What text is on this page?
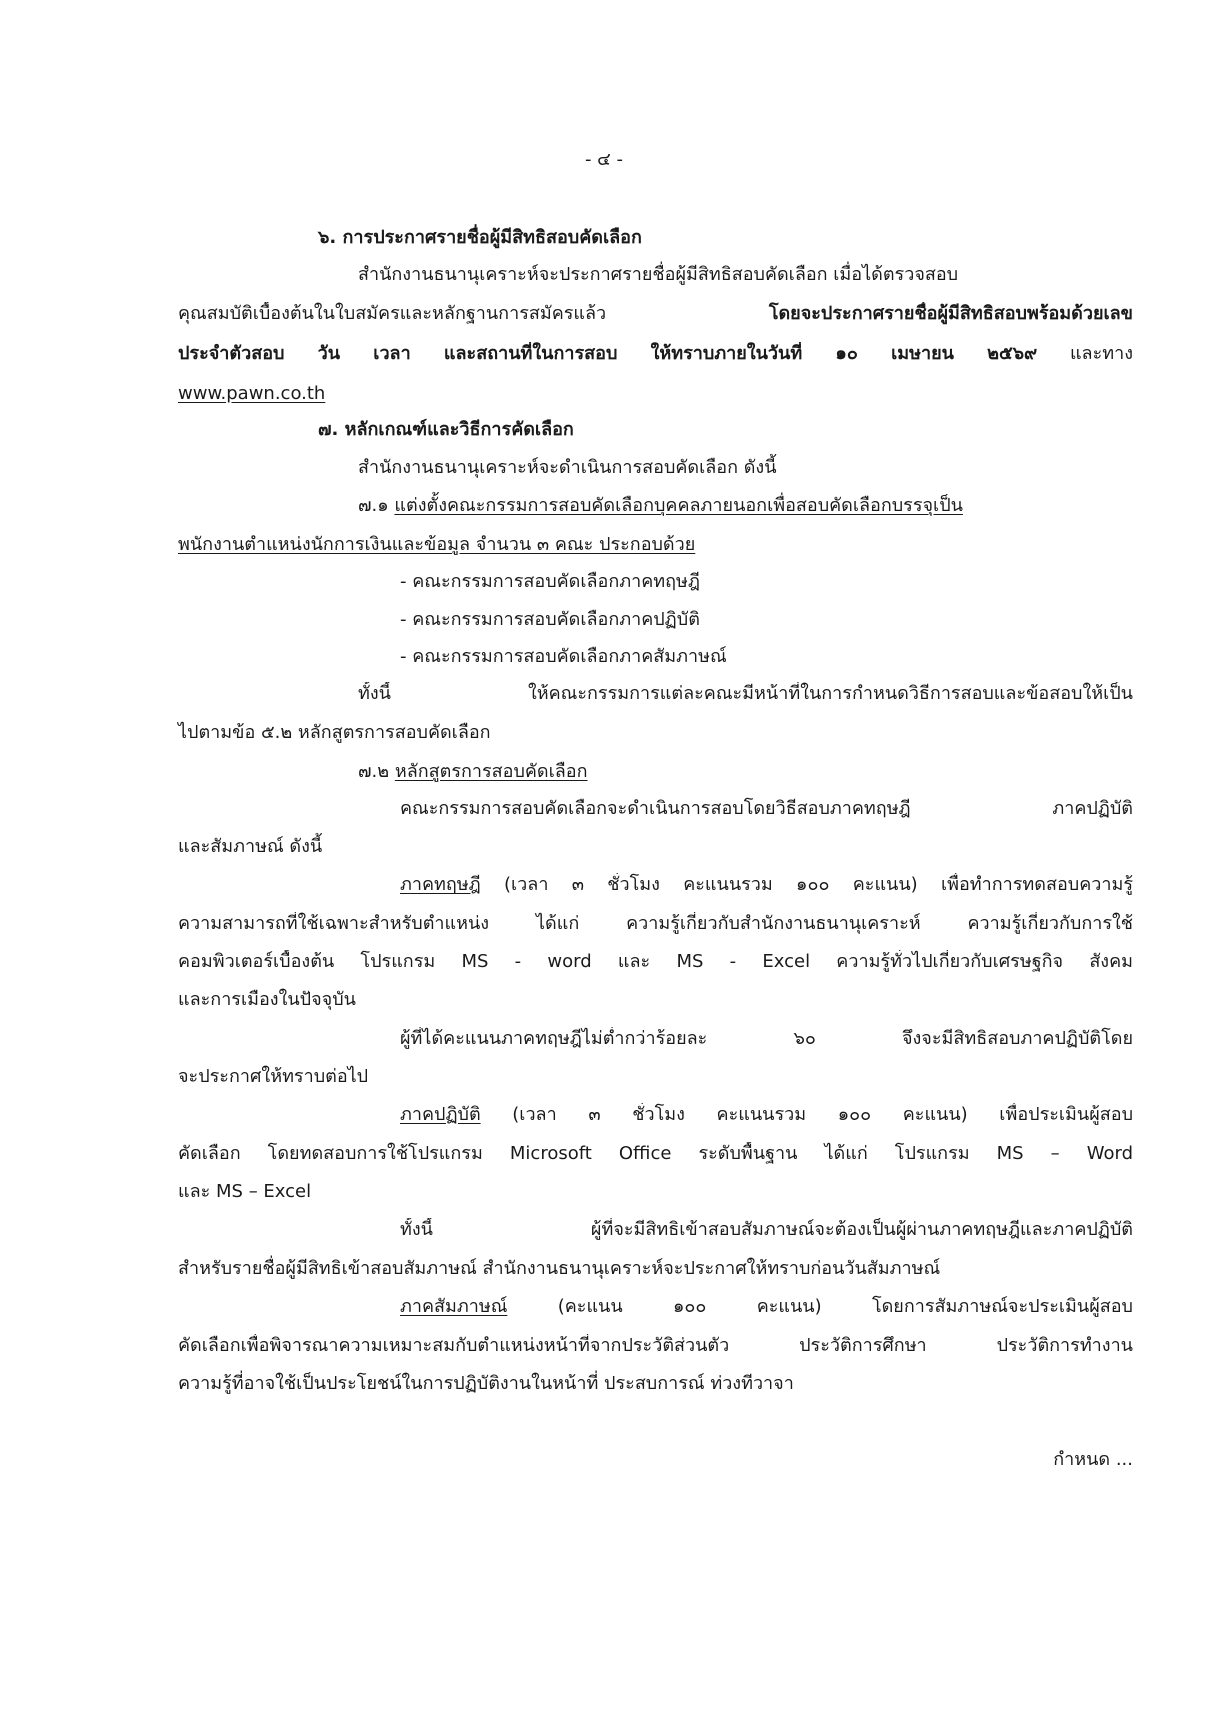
- ๔ -
๖. การประกาศรายชื่อผู้มีสิทธิสอบคัดเลือก
สำนักงานธนานุเคราะห์จะประกาศรายชื่อผู้มีสิทธิสอบคัดเลือก เมื่อได้ตรวจสอบ
คุณสมบัติเบื้องต้นในใบสมัครและหลักฐานการสมัครแล้ว	โดยจะประกาศรายชื่อผู้มีสิทธิสอบพร้อมด้วยเลข
ประจำตัวสอบ วัน เวลา และสถานที่ในการสอบ ให้ทราบภายในวันที่ ๑๐ เมษายน ๒๕๖๙ และทาง
www.pawn.co.th
๗. หลักเกณฑ์และวิธีการคัดเลือก
สำนักงานธนานุเคราะห์จะดำเนินการสอบคัดเลือก ดังนี้
๗.๑ แต่งตั้งคณะกรรมการสอบคัดเลือกบุคคลภายนอกเพื่อสอบคัดเลือกบรรจุเป็น
พนักงานตำแหน่งนักการเงินและข้อมูล จำนวน ๓ คณะ ประกอบด้วย
- คณะกรรมการสอบคัดเลือกภาคทฤษฎี
- คณะกรรมการสอบคัดเลือกภาคปฏิบัติ
- คณะกรรมการสอบคัดเลือกภาคสัมภาษณ์
ทั้งนี้ ให้คณะกรรมการแต่ละคณะมีหน้าที่ในการกำหนดวิธีการสอบและข้อสอบให้เป็น
ไปตามข้อ ๕.๒ หลักสูตรการสอบคัดเลือก
๗.๒ หลักสูตรการสอบคัดเลือก
คณะกรรมการสอบคัดเลือกจะดำเนินการสอบโดยวิธีสอบภาคทฤษฎี ภาคปฏิบัติ
และสัมภาษณ์ ดังนี้
ภาคทฤษฎี (เวลา ๓ ชั่วโมง คะแนนรวม ๑๐๐ คะแนน) เพื่อทำการทดสอบความรู้
ความสามารถที่ใช้เฉพาะสำหรับตำแหน่ง ได้แก่ ความรู้เกี่ยวกับสำนักงานธนานุเคราะห์ ความรู้เกี่ยวกับการใช้
คอมพิวเตอร์เบื้องต้น โปรแกรม MS - word และ MS - Excel ความรู้ทั่วไปเกี่ยวกับเศรษฐกิจ สังคม
และการเมืองในปัจจุบัน
ผู้ที่ได้คะแนนภาคทฤษฎีไม่ต่ำกว่าร้อยละ ๖๐ จึงจะมีสิทธิสอบภาคปฏิบัติโดย
จะประกาศให้ทราบต่อไป
ภาคปฏิบัติ (เวลา ๓ ชั่วโมง คะแนนรวม ๑๐๐ คะแนน) เพื่อประเมินผู้สอบ
คัดเลือก โดยทดสอบการใช้โปรแกรม Microsoft Office ระดับพื้นฐาน ได้แก่ โปรแกรม MS – Word
และ MS – Excel
ทั้งนี้ ผู้ที่จะมีสิทธิเข้าสอบสัมภาษณ์จะต้องเป็นผู้ผ่านภาคทฤษฎีและภาคปฏิบัติ
สำหรับรายชื่อผู้มีสิทธิเข้าสอบสัมภาษณ์ สำนักงานธนานุเคราะห์จะประกาศให้ทราบก่อนวันสัมภาษณ์
ภาคสัมภาษณ์ (คะแนน ๑๐๐ คะแนน) โดยการสัมภาษณ์จะประเมินผู้สอบ
คัดเลือกเพื่อพิจารณาความเหมาะสมกับตำแหน่งหน้าที่จากประวัติส่วนตัว ประวัติการศึกษา ประวัติการทำงาน
ความรู้ที่อาจใช้เป็นประโยชน์ในการปฏิบัติงานในหน้าที่ ประสบการณ์ ท่วงทีวาจา
กำหนด ...
